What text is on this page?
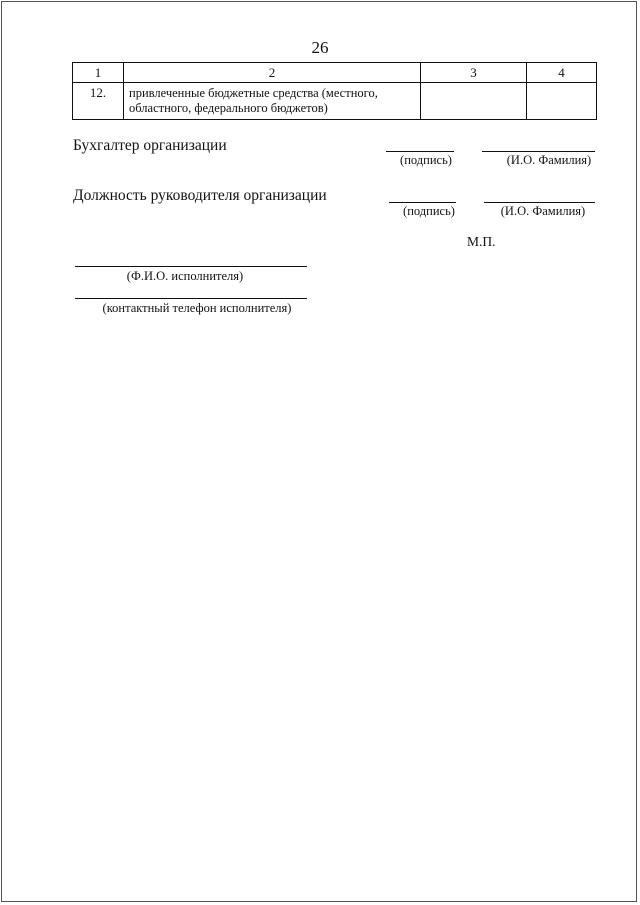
26
1	2	3	4
12.	привлеченные бюджетные средства (местного,
областного, федерального бюджетов)		

Бухгалтер организации
(подпись)	(И.О. Фамилия)
Должность руководителя организации
(подпись)	(И.О. Фамилия)
М.П.
(Ф.И.О. исполнителя)
(контактный телефон исполнителя)
